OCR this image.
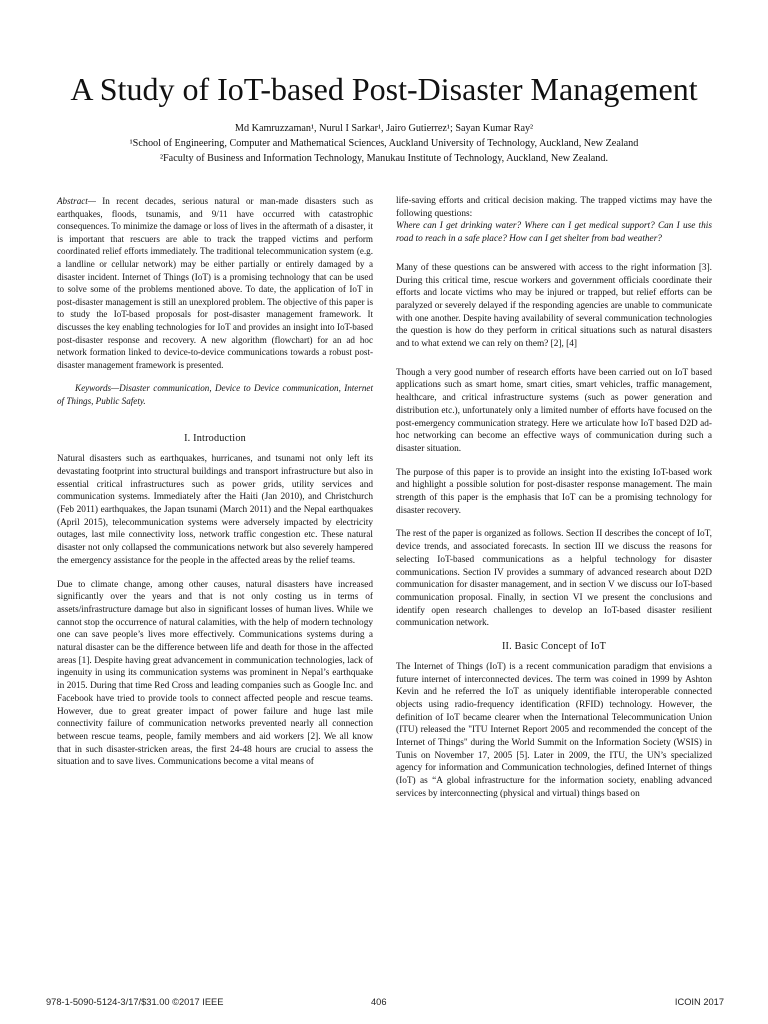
A Study of IoT-based Post-Disaster Management
Md Kamruzzaman¹, Nurul I Sarkar¹, Jairo Gutierrez¹; Sayan Kumar Ray²
¹School of Engineering, Computer and Mathematical Sciences, Auckland University of Technology, Auckland, New Zealand
²Faculty of Business and Information Technology, Manukau Institute of Technology, Auckland, New Zealand.

Abstract— In recent decades, serious natural or man-made disasters such as earthquakes, floods, tsunamis, and 9/11 have occurred with catastrophic consequences. To minimize the damage or loss of lives in the aftermath of a disaster, it is important that rescuers are able to track the trapped victims and perform coordinated relief efforts immediately. The traditional telecommunication system (e.g. a landline or cellular network) may be either partially or entirely damaged by a disaster incident. Internet of Things (IoT) is a promising technology that can be used to solve some of the problems mentioned above. To date, the application of IoT in post-disaster management is still an unexplored problem. The objective of this paper is to study the IoT-based proposals for post-disaster management framework. It discusses the key enabling technologies for IoT and provides an insight into IoT-based post-disaster response and recovery. A new algorithm (flowchart) for an ad hoc network formation linked to device-to-device communications towards a robust post-disaster management framework is presented.

Keywords—Disaster communication, Device to Device communication, Internet of Things, Public Safety.

I. Introduction

Natural disasters such as earthquakes, hurricanes, and tsunami not only left its devastating footprint into structural buildings and transport infrastructure but also in essential critical infrastructures such as power grids, utility services and communication systems. Immediately after the Haiti (Jan 2010), and Christchurch (Feb 2011) earthquakes, the Japan tsunami (March 2011) and the Nepal earthquakes (April 2015), telecommunication systems were adversely impacted by electricity outages, last mile connectivity loss, network traffic congestion etc. These natural disaster not only collapsed the communications network but also severely hampered the emergency assistance for the people in the affected areas by the relief teams.

Due to climate change, among other causes, natural disasters have increased significantly over the years and that is not only costing us in terms of assets/infrastructure damage but also in significant losses of human lives. While we cannot stop the occurrence of natural calamities, with the help of modern technology one can save people’s lives more effectively. Communications systems during a natural disaster can be the difference between life and death for those in the affected areas [1]. Despite having great advancement in communication technologies, lack of ingenuity in using its communication systems was prominent in Nepal’s earthquake in 2015. During that time Red Cross and leading companies such as Google Inc. and Facebook have tried to provide tools to connect affected people and rescue teams. However, due to great greater impact of power failure and huge last mile connectivity failure of communication networks prevented nearly all connection between rescue teams, people, family members and aid workers [2]. We all know that in such disaster-stricken areas, the first 24-48 hours are crucial to assess the situation and to save lives. Communications become a vital means of

life-saving efforts and critical decision making. The trapped victims may have the following questions:
Where can I get drinking water? Where can I get medical support? Can I use this road to reach in a safe place? How can I get shelter from bad weather?

Many of these questions can be answered with access to the right information [3]. During this critical time, rescue workers and government officials coordinate their efforts and locate victims who may be injured or trapped, but relief efforts can be paralyzed or severely delayed if the responding agencies are unable to communicate with one another. Despite having availability of several communication technologies the question is how do they perform in critical situations such as natural disasters and to what extend we can rely on them? [2], [4]

Though a very good number of research efforts have been carried out on IoT based applications such as smart home, smart cities, smart vehicles, traffic management, healthcare, and critical infrastructure systems (such as power generation and distribution etc.), unfortunately only a limited number of efforts have focused on the post-emergency communication strategy. Here we articulate how IoT based D2D ad-hoc networking can become an effective ways of communication during such a disaster situation.

The purpose of this paper is to provide an insight into the existing IoT-based work and highlight a possible solution for post-disaster response management. The main strength of this paper is the emphasis that IoT can be a promising technology for disaster recovery.

The rest of the paper is organized as follows. Section II describes the concept of IoT, device trends, and associated forecasts. In section III we discuss the reasons for selecting IoT-based communications as a helpful technology for disaster communications. Section IV provides a summary of advanced research about D2D communication for disaster management, and in section V we discuss our IoT-based communication proposal. Finally, in section VI we present the conclusions and identify open research challenges to develop an IoT-based disaster resilient communication network.

II. Basic Concept of IoT

The Internet of Things (IoT) is a recent communication paradigm that envisions a future internet of interconnected devices. The term was coined in 1999 by Ashton Kevin and he referred the IoT as uniquely identifiable interoperable connected objects using radio-frequency identification (RFID) technology. However, the definition of IoT became clearer when the International Telecommunication Union (ITU) released the "ITU Internet Report 2005 and recommended the concept of the Internet of Things" during the World Summit on the Information Society (WSIS) in Tunis on November 17, 2005 [5]. Later in 2009, the ITU, the UN’s specialized agency for information and Communication technologies, defined Internet of things (IoT) as “A global infrastructure for the information society, enabling advanced services by interconnecting (physical and virtual) things based on

978-1-5090-5124-3/17/$31.00 ©2017 IEEE	406	ICOIN 2017
